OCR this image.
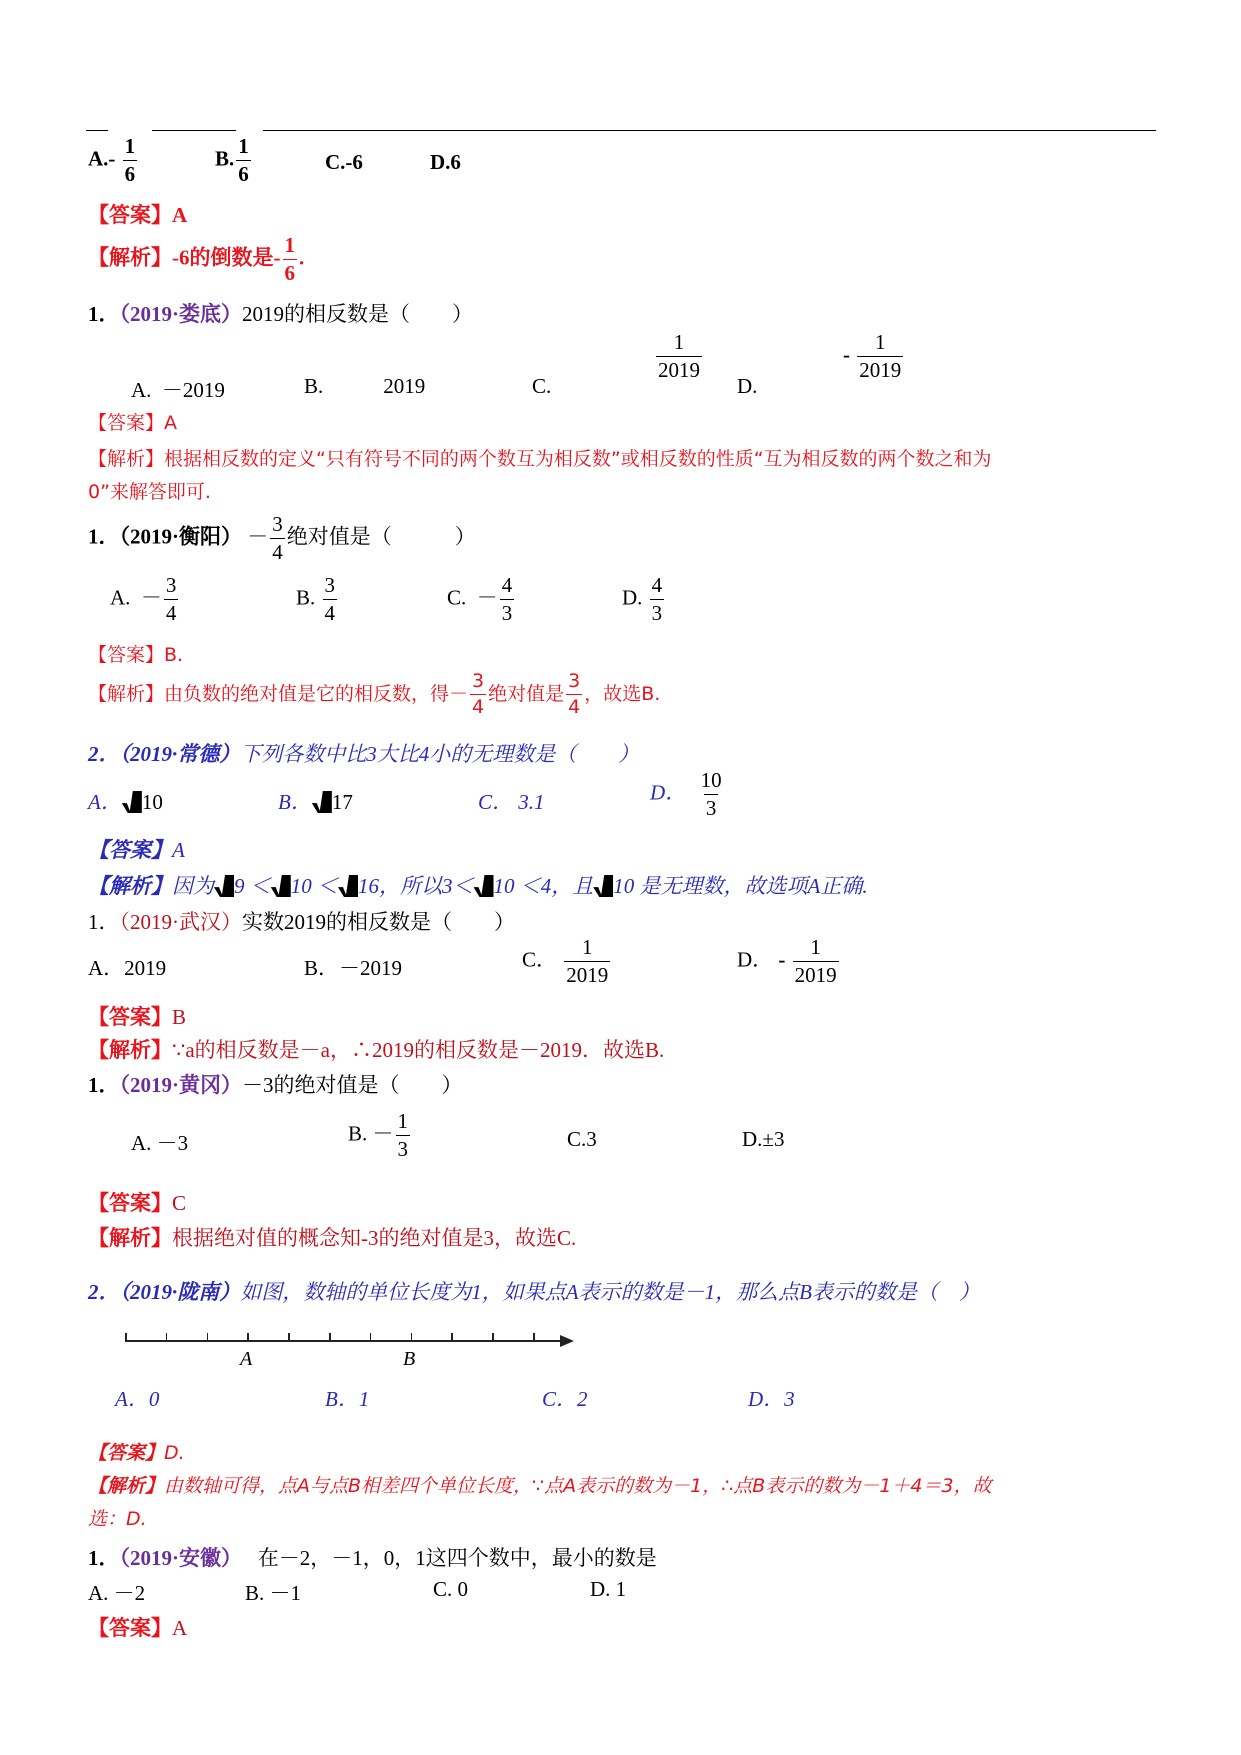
$A.- \frac{1}{6}$	B. $\frac{1}{6}$	C.-6	D.6
【答案】A
【解析】-6的倒数是- $\frac{1}{6}$ .
1．（2019·娄底）2019的相反数是（　　）
A. －2019	B.	2019	C.
$\frac{1}{2019}$
D.
- $\frac{1}{2019}$
【答案】A
【解析】根据相反数的定义“只有符号不同的两个数互为相反数”或相反数的性质“互为相反数的两个数之和为
0”来解答即可.
1．（2019·衡阳） － $\frac{3}{4}$ 绝对值是（　　　）
A. － $\frac{3}{4}$	B. $\frac{3}{4}$	C. － $\frac{4}{3}$	D. $\frac{4}{3}$
【答案】B.
【解析】由负数的绝对值是它的相反数，得－ $\frac{3}{4}$ 绝对值是 $\frac{3}{4}$ ，故选B.
2．（2019·常德）下列各数中比3大比4小的无理数是（　　）
A． 10	B． 17	C． 3.1	D． $\frac{10}{3}$
【答案】A
【解析】因为 9 ＜ 10 ＜ 16，所以3＜ 10 ＜4，且 10 是无理数，故选项A正确.
1．（2019·武汉）实数2019的相反数是（　　）
A．2019	B．－2019	C． $\frac{1}{2019}$	D． - $\frac{1}{2019}$
【答案】B
【解析】∵a的相反数是－a，∴2019的相反数是－2019．故选B.
1．（2019·黄冈）－3的绝对值是（　　）
A. －3	B. － $\frac{1}{3}$	C.3	D.±3
【答案】C
【解析】根据绝对值的概念知-3的绝对值是3，故选C.
2．（2019·陇南）如图，数轴的单位长度为1，如果点A表示的数是－1，那么点B表示的数是（　）
A	B
A．0	B．1	C．2	D．3
【答案】D.
【解析】由数轴可得，点A与点B相差四个单位长度，∵点A表示的数为－1，∴点B表示的数为－1＋4＝3，故
选：D.
1．（2019·安徽） 在－2，－1，0，1这四个数中，最小的数是
A. －2	B. －1	C. 0	D. 1
【答案】A
